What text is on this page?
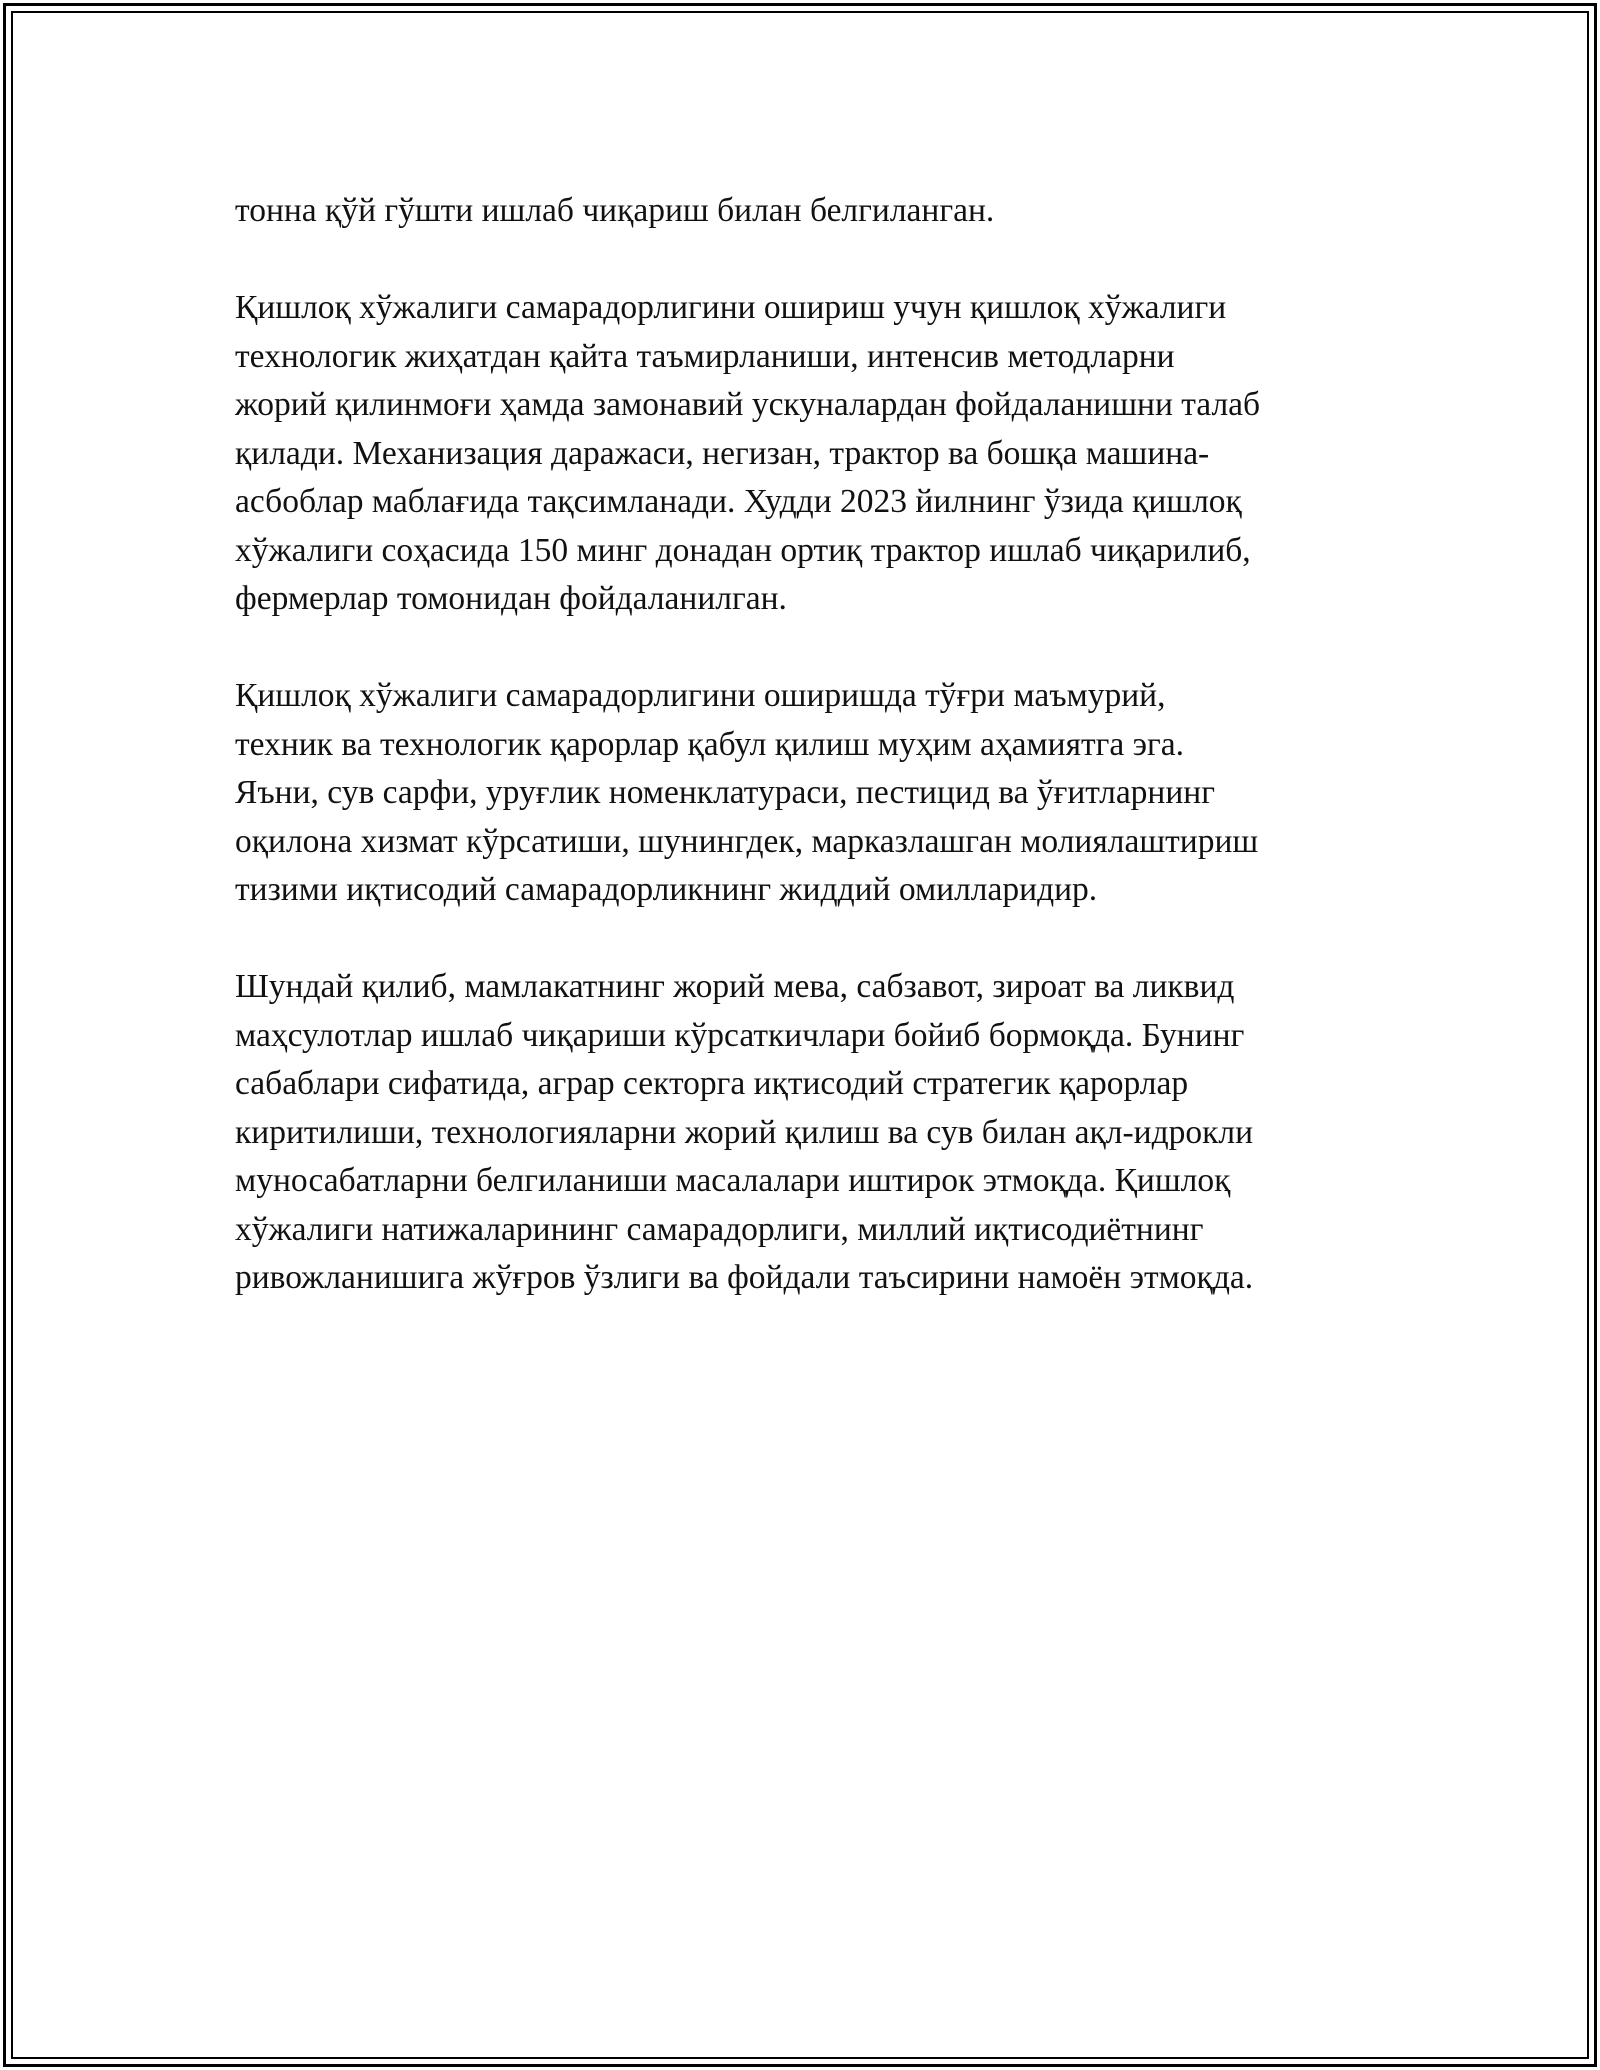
тонна қўй гўшти ишлаб чиқариш билан белгиланган.

Қишлоқ хўжалиги самарадорлигини ошириш учун қишлоқ хўжалиги
технологик жиҳатдан қайта таъмирланиши, интенсив методларни
жорий қилинмоғи ҳамда замонавий ускуналардан фойдаланишни талаб
қилади. Механизация даражаси, негизан, трактор ва бошқа машина-
асбоблар маблағида тақсимланади. Худди 2023 йилнинг ўзида қишлоқ
хўжалиги соҳасида 150 минг донадан ортиқ трактор ишлаб чиқарилиб,
фермерлар томонидан фойдаланилган.

Қишлоқ хўжалиги самарадорлигини оширишда тўғри маъмурий,
техник ва технологик қарорлар қабул қилиш муҳим аҳамиятга эга.
Яъни, сув сарфи, уруғлик номенклатураси, пестицид ва ўғитларнинг
оқилона хизмат кўрсатиши, шунингдек, марказлашган молиялаштириш
тизими иқтисодий самарадорликнинг жиддий омилларидир.

Шундай қилиб, мамлакатнинг жорий мева, сабзавот, зироат ва ликвид
маҳсулотлар ишлаб чиқариши кўрсаткичлари бойиб бормоқда. Бунинг
сабаблари сифатида, аграр секторга иқтисодий стратегик қарорлар
киритилиши, технологияларни жорий қилиш ва сув билан ақл-идрокли
муносабатларни белгиланиши масалалари иштирок этмоқда. Қишлоқ
хўжалиги натижаларининг самарадорлиги, миллий иқтисодиётнинг
ривожланишига жўғров ўзлиги ва фойдали таъсирини намоён этмоқда.
